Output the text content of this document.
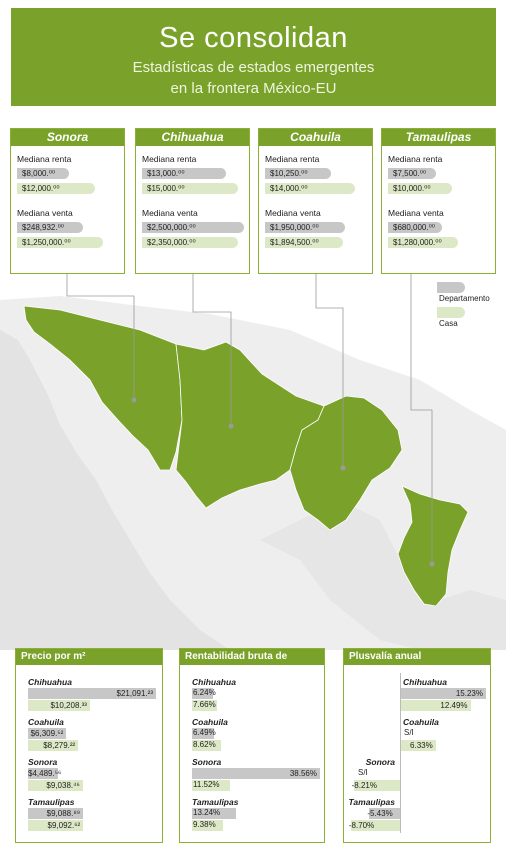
Se consolidan
Estadísticas de estados emergentes
en la frontera México-EU
Sonora
Mediana renta
$8,000.⁰⁰
$12,000.⁰⁰
Mediana venta
$248,932.⁰⁰
$1,250,000.⁰⁰
Chihuahua
Mediana renta
$13,000.⁰⁰
$15,000.⁰⁰
Mediana venta
$2,500,000.⁰⁰
$2,350,000.⁰⁰
Coahuila
Mediana renta
$10,250.⁰⁰
$14,000.⁰⁰
Mediana venta
$1,950,000.⁰⁰
$1,894,500.⁰⁰
Tamaulipas
Mediana renta
$7,500.⁰⁰
$10,000.⁰⁰
Mediana venta
$680,000.⁰⁰
$1,280,000.⁰⁰
Departamento
Casa
Precio por m²
Chihuahua
$21,091.²³
$10,208.³³
Coahuila
$6,309.⁵²
$8,279.²²
Sonora
$4,489.⁵⁶
$9,038.⁴⁶
Tamaulipas
$9,088.⁸⁹
$9,092.⁶²
Rentabilidad bruta de alquiler
Chihuahua
6.24%
7.66%
Coahuila
6.49%
8.62%
Sonora
38.56%
11.52%
Tamaulipas
13.24%
9.38%
Plusvalía anual
Chihuahua
15.23%
12.49%
Coahuila
S/I
6.33%
Sonora
S/I
-8.21%
Tamaulipas
-5.43%
-8.70%
